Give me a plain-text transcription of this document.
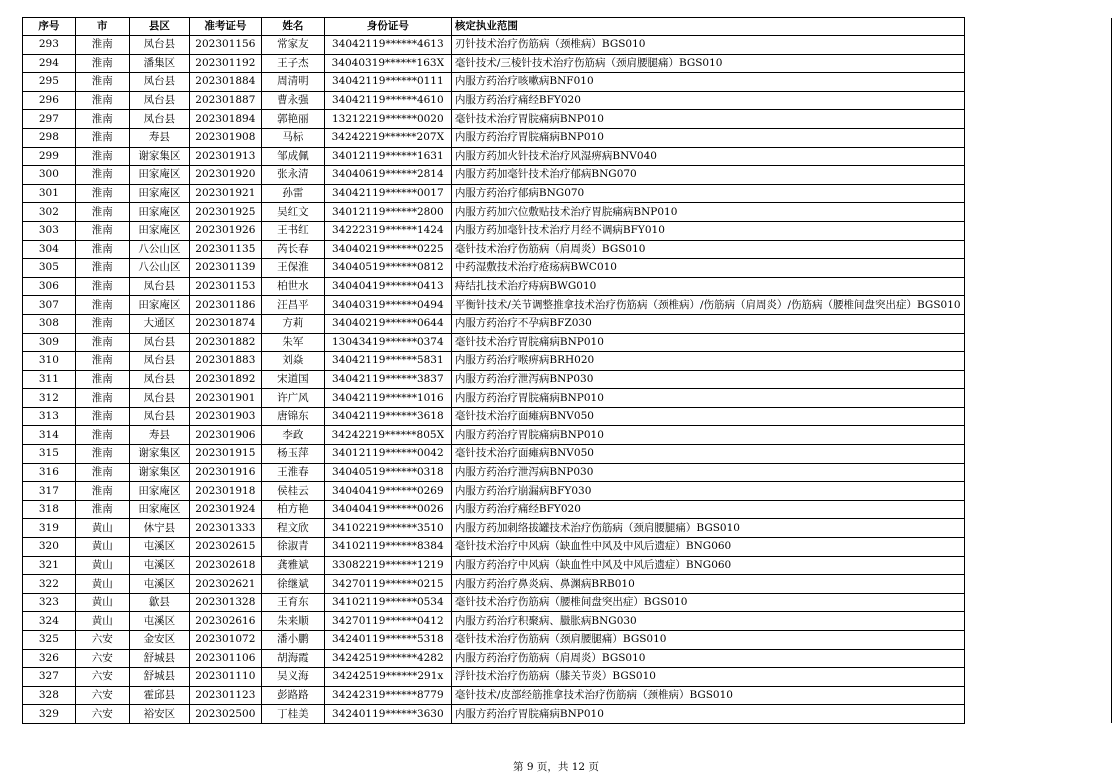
序号	市	县区	准考证号	姓名	身份证号	核定执业范围	
293	淮南	凤台县	202301156	常家友	34042119******4613	刃针技术治疗伤筋病（颈椎病）BGS010	
294	淮南	潘集区	202301192	王子杰	34040319******163X	毫针技术/三棱针技术治疗伤筋病（颈肩腰腿痛）BGS010	
295	淮南	凤台县	202301884	周清明	34042119******0111	内服方药治疗咳嗽病BNF010	
296	淮南	凤台县	202301887	曹永强	34042119******4610	内服方药治疗痛经BFY020	
297	淮南	凤台县	202301894	郭艳丽	13212219******0020	毫针技术治疗胃脘痛病BNP010	
298	淮南	寿县	202301908	马标	34242219******207X	内服方药治疗胃脘痛病BNP010	
299	淮南	谢家集区	202301913	邹成佩	34012119******1631	内服方药加火针技术治疗风湿痹病BNV040	
300	淮南	田家庵区	202301920	张永清	34040619******2814	内服方药加毫针技术治疗郁病BNG070	
301	淮南	田家庵区	202301921	孙雷	34042119******0017	内服方药治疗郁病BNG070	
302	淮南	田家庵区	202301925	吴红文	34012119******2800	内服方药加穴位敷贴技术治疗胃脘痛病BNP010	
303	淮南	田家庵区	202301926	王书红	34222319******1424	内服方药加毫针技术治疗月经不调病BFY010	
304	淮南	八公山区	202301135	芮长春	34040219******0225	毫针技术治疗伤筋病（肩周炎）BGS010	
305	淮南	八公山区	202301139	王保淮	34040519******0812	中药湿敷技术治疗疮疡病BWC010	
306	淮南	凤台县	202301153	柏世水	34040419******0413	痔结扎技术治疗痔病BWG010	
307	淮南	田家庵区	202301186	汪昌平	34040319******0494	平衡针技术/关节调整推拿技术治疗伤筋病（颈椎病）/伤筋病（肩周炎）/伤筋病（腰椎间盘突出症）BGS010	
308	淮南	大通区	202301874	方莉	34040219******0644	内服方药治疗不孕病BFZ030	
309	淮南	凤台县	202301882	朱军	13043419******0374	毫针技术治疗胃脘痛病BNP010	
310	淮南	凤台县	202301883	刘焱	34042119******5831	内服方药治疗喉痹病BRH020	
311	淮南	凤台县	202301892	宋道国	34042119******3837	内服方药治疗泄泻病BNP030	
312	淮南	凤台县	202301901	许广风	34042119******1016	内服方药治疗胃脘痛病BNP010	
313	淮南	凤台县	202301903	唐锦东	34042119******3618	毫针技术治疗面瘫病BNV050	
314	淮南	寿县	202301906	李政	34242219******805X	内服方药治疗胃脘痛病BNP010	
315	淮南	谢家集区	202301915	杨玉萍	34012119******0042	毫针技术治疗面瘫病BNV050	
316	淮南	谢家集区	202301916	王淮春	34040519******0318	内服方药治疗泄泻病BNP030	
317	淮南	田家庵区	202301918	侯桂云	34040419******0269	内服方药治疗崩漏病BFY030	
318	淮南	田家庵区	202301924	柏方艳	34040419******0026	内服方药治疗痛经BFY020	
319	黄山	休宁县	202301333	程文欣	34102219******3510	内服方药加刺络拔罐技术治疗伤筋病（颈肩腰腿痛）BGS010	
320	黄山	屯溪区	202302615	徐淑青	34102119******8384	毫针技术治疗中风病（缺血性中风及中风后遗症）BNG060	
321	黄山	屯溪区	202302618	龚雅斌	33082219******1219	内服方药治疗中风病（缺血性中风及中风后遗症）BNG060	
322	黄山	屯溪区	202302621	徐继斌	34270119******0215	内服方药治疗鼻炎病、鼻渊病BRB010	
323	黄山	歙县	202301328	王育东	34102119******0534	毫针技术治疗伤筋病（腰椎间盘突出症）BGS010	
324	黄山	屯溪区	202302616	朱来顺	34270119******0412	内服方药治疗积聚病、臌胀病BNG030	
325	六安	金安区	202301072	潘小鹏	34240119******5318	毫针技术治疗伤筋病（颈肩腰腿痛）BGS010	
326	六安	舒城县	202301106	胡海霞	34242519******4282	内服方药治疗伤筋病（肩周炎）BGS010	
327	六安	舒城县	202301110	吴义海	34242519******291x	浮针技术治疗伤筋病（膝关节炎）BGS010	
328	六安	霍邱县	202301123	彭路路	34242319******8779	毫针技术/皮部经筋推拿技术治疗伤筋病（颈椎病）BGS010	
329	六安	裕安区	202302500	丁桂美	34240119******3630	内服方药治疗胃脘痛病BNP010	
第 9 页，共 12 页
